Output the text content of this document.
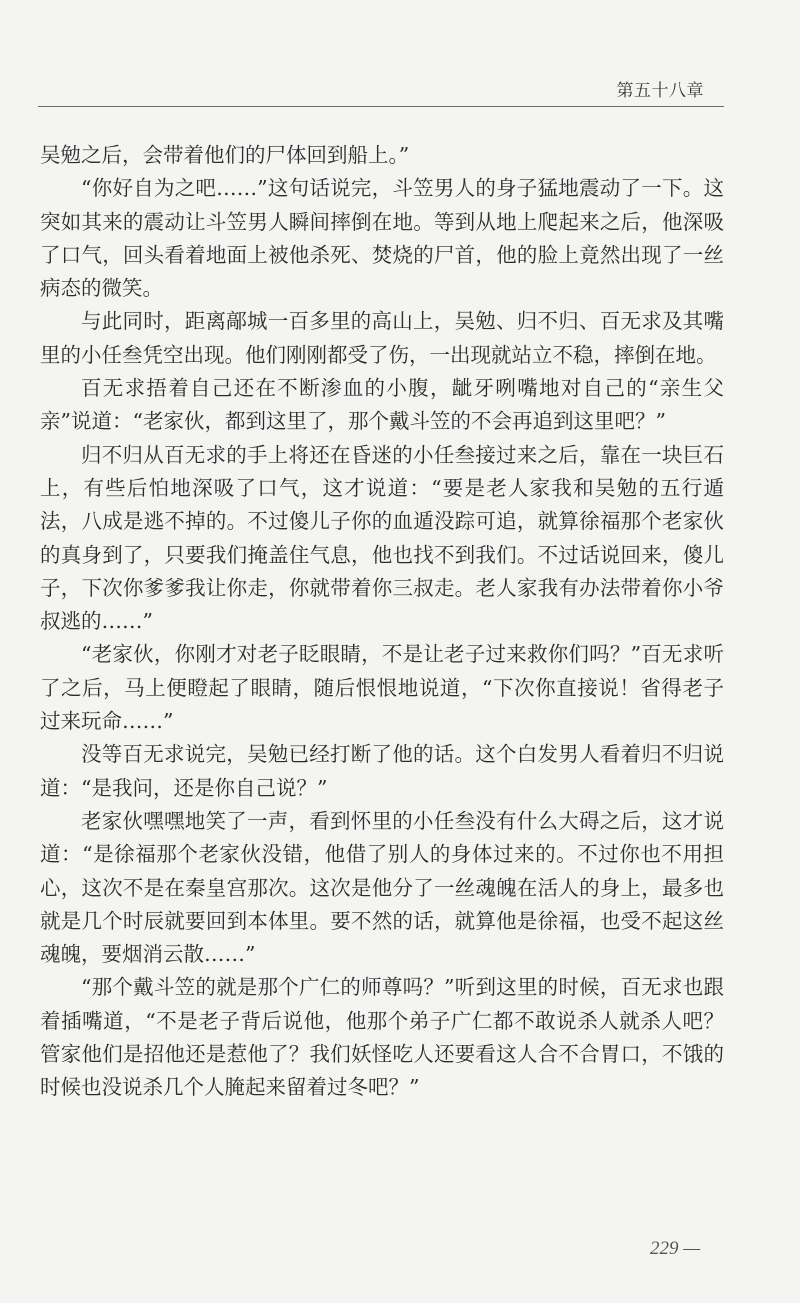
第五十八章

吴勉之后，会带着他们的尸体回到船上。”

“你好自为之吧……”这句话说完，斗笠男人的身子猛地震动了一下。这突如其来的震动让斗笠男人瞬间摔倒在地。等到从地上爬起来之后，他深吸了口气，回头看着地面上被他杀死、焚烧的尸首，他的脸上竟然出现了一丝病态的微笑。

与此同时，距离鄗城一百多里的高山上，吴勉、归不归、百无求及其嘴里的小任叁凭空出现。他们刚刚都受了伤，一出现就站立不稳，摔倒在地。

百无求捂着自己还在不断渗血的小腹，龇牙咧嘴地对自己的“亲生父亲”说道：“老家伙，都到这里了，那个戴斗笠的不会再追到这里吧？”

归不归从百无求的手上将还在昏迷的小任叁接过来之后，靠在一块巨石上，有些后怕地深吸了口气，这才说道：“要是老人家我和吴勉的五行遁法，八成是逃不掉的。不过傻儿子你的血遁没踪可追，就算徐福那个老家伙的真身到了，只要我们掩盖住气息，他也找不到我们。不过话说回来，傻儿子，下次你爹爹我让你走，你就带着你三叔走。老人家我有办法带着你小爷叔逃的……”

“老家伙，你刚才对老子眨眼睛，不是让老子过来救你们吗？”百无求听了之后，马上便瞪起了眼睛，随后恨恨地说道，“下次你直接说！省得老子过来玩命……”

没等百无求说完，吴勉已经打断了他的话。这个白发男人看着归不归说道：“是我问，还是你自己说？”

老家伙嘿嘿地笑了一声，看到怀里的小任叁没有什么大碍之后，这才说道：“是徐福那个老家伙没错，他借了别人的身体过来的。不过你也不用担心，这次不是在秦皇宫那次。这次是他分了一丝魂魄在活人的身上，最多也就是几个时辰就要回到本体里。要不然的话，就算他是徐福，也受不起这丝魂魄，要烟消云散……”

“那个戴斗笠的就是那个广仁的师尊吗？”听到这里的时候，百无求也跟着插嘴道，“不是老子背后说他，他那个弟子广仁都不敢说杀人就杀人吧？管家他们是招他还是惹他了？我们妖怪吃人还要看这人合不合胃口，不饿的时候也没说杀几个人腌起来留着过冬吧？”

229 —
